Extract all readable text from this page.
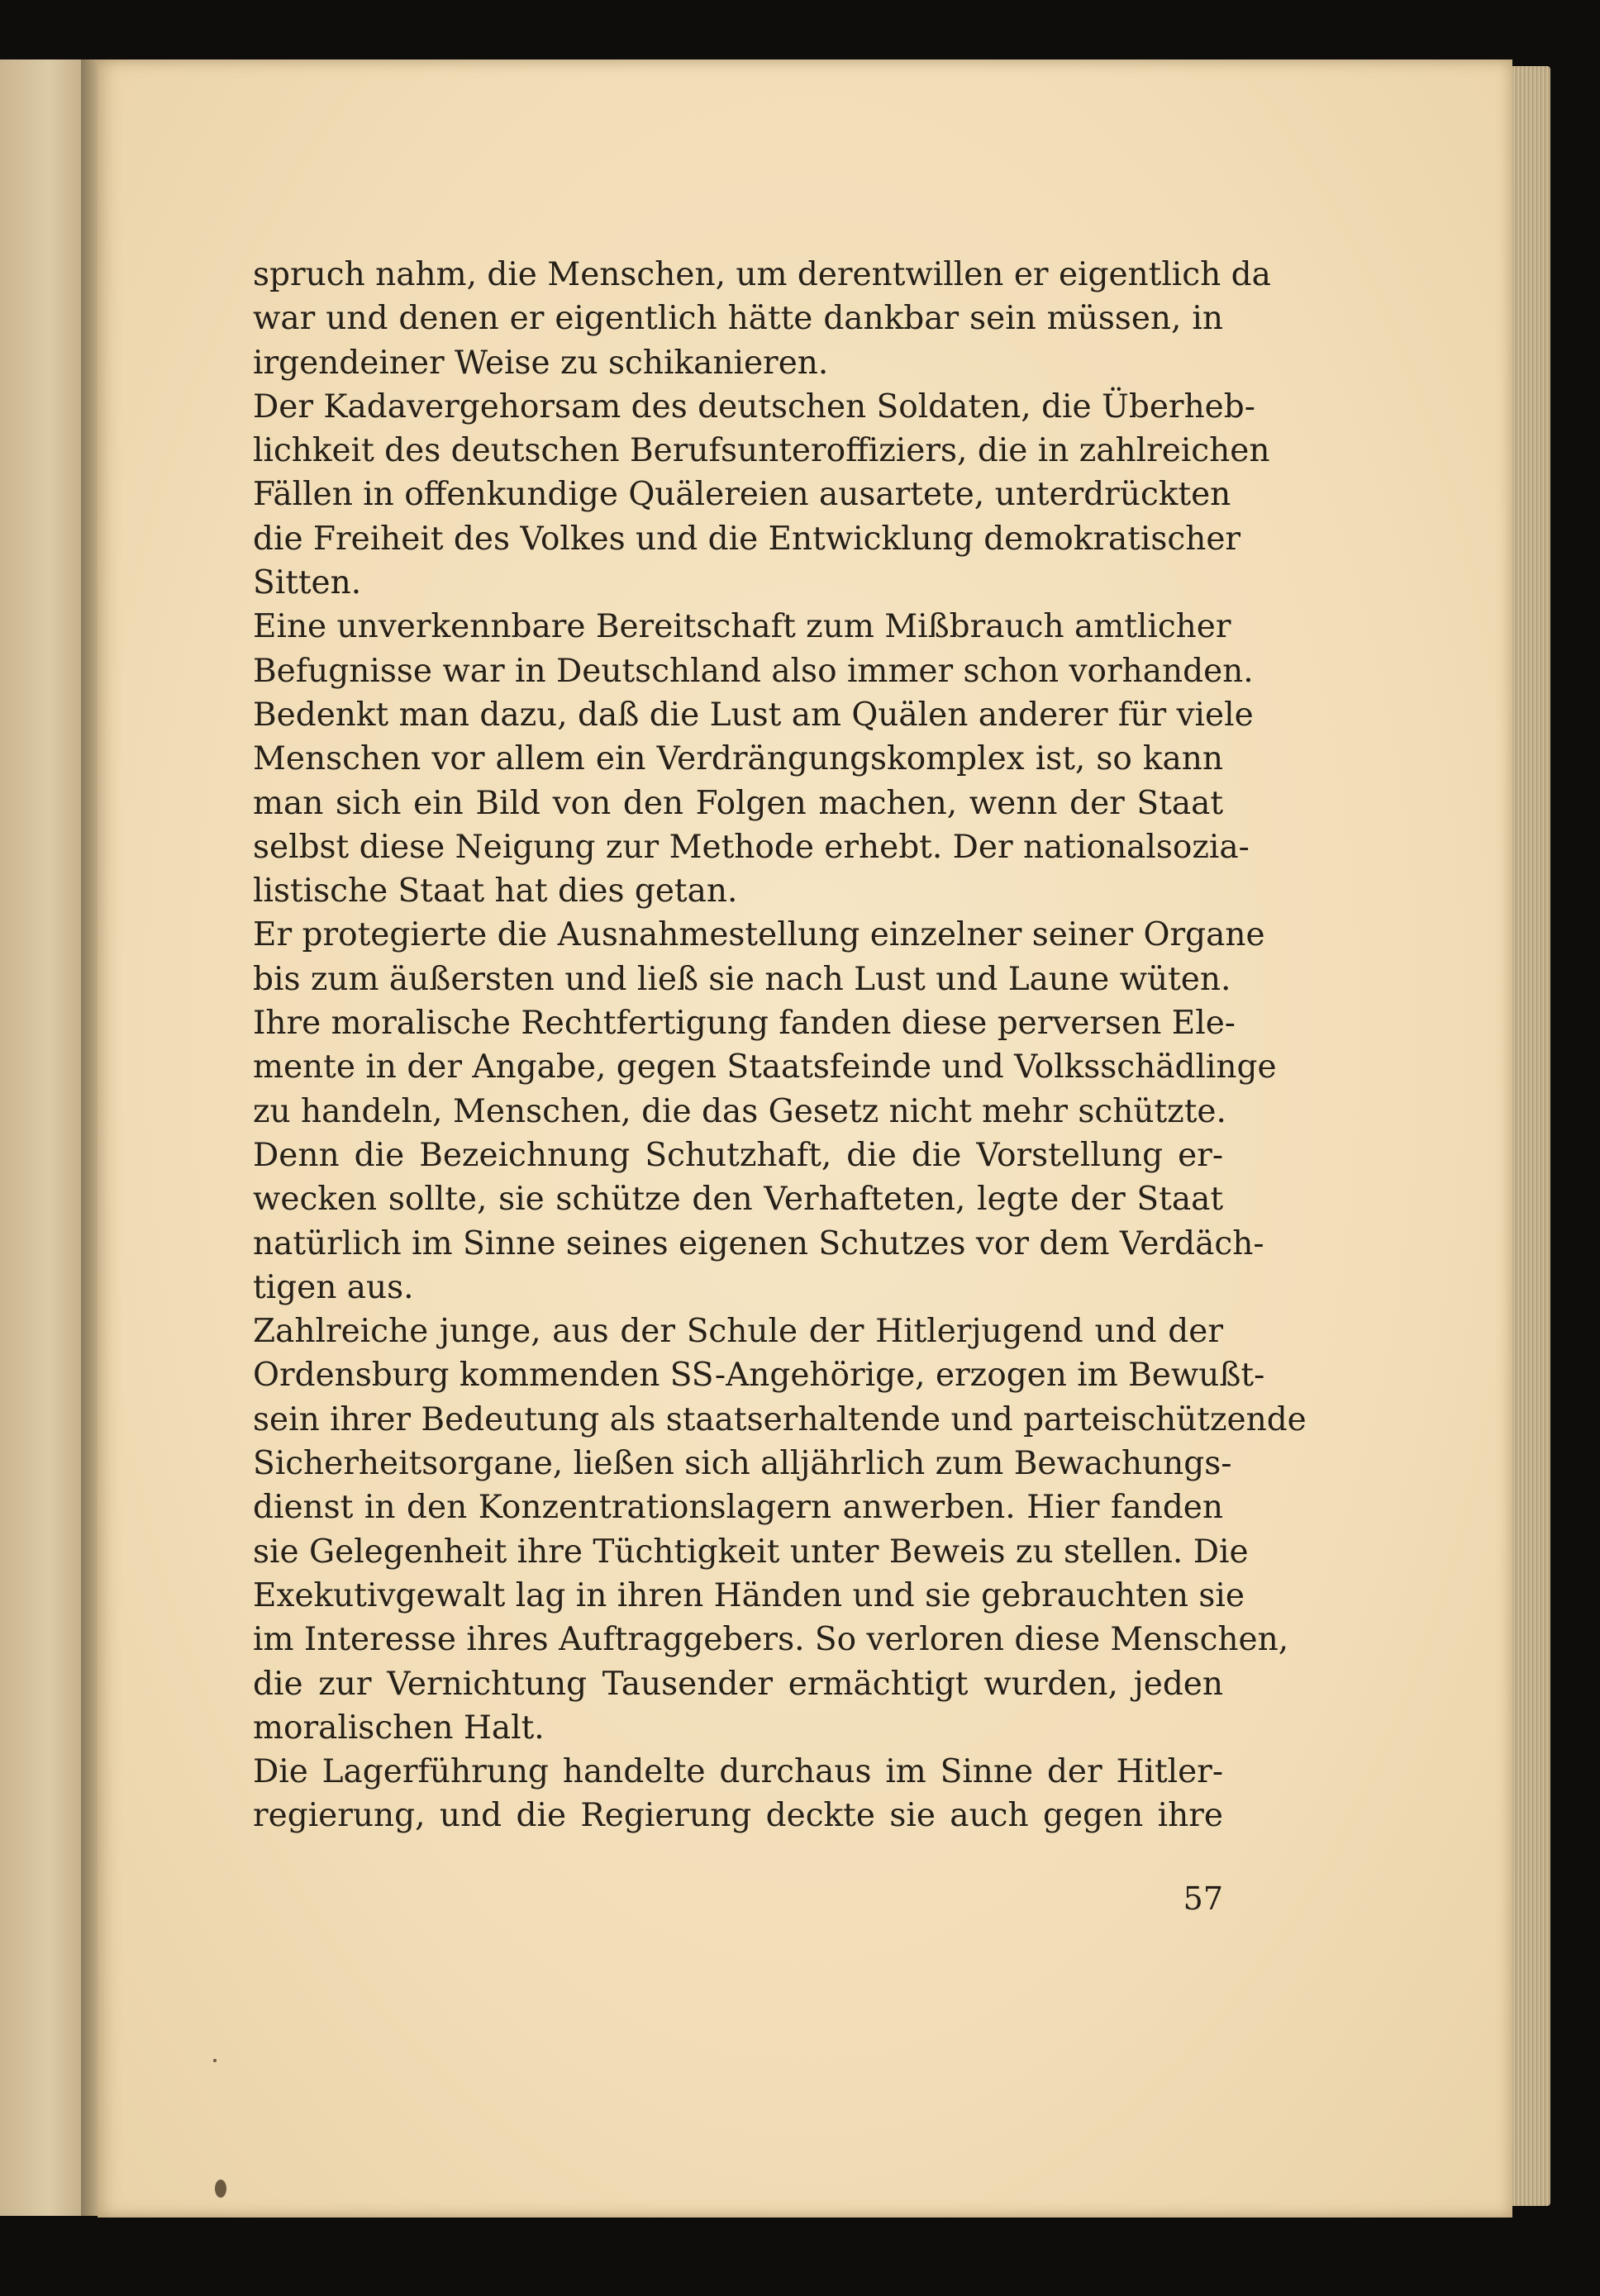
spruch nahm, die Menschen, um derentwillen er eigentlich da
war und denen er eigentlich hätte dankbar sein müssen, in
irgendeiner Weise zu schikanieren.
Der Kadavergehorsam des deutschen Soldaten, die Überheb-
lichkeit des deutschen Berufsunteroffiziers, die in zahlreichen
Fällen in offenkundige Quälereien ausartete, unterdrückten
die Freiheit des Volkes und die Entwicklung demokratischer
Sitten.
Eine unverkennbare Bereitschaft zum Mißbrauch amtlicher
Befugnisse war in Deutschland also immer schon vorhanden.
Bedenkt man dazu, daß die Lust am Quälen anderer für viele
Menschen vor allem ein Verdrängungskomplex ist, so kann
man sich ein Bild von den Folgen machen, wenn der Staat
selbst diese Neigung zur Methode erhebt. Der nationalsozia-
listische Staat hat dies getan.
Er protegierte die Ausnahmestellung einzelner seiner Organe
bis zum äußersten und ließ sie nach Lust und Laune wüten.
Ihre moralische Rechtfertigung fanden diese perversen Ele-
mente in der Angabe, gegen Staatsfeinde und Volksschädlinge
zu handeln, Menschen, die das Gesetz nicht mehr schützte.
Denn die Bezeichnung Schutzhaft, die die Vorstellung er-
wecken sollte, sie schütze den Verhafteten, legte der Staat
natürlich im Sinne seines eigenen Schutzes vor dem Verdäch-
tigen aus.
Zahlreiche junge, aus der Schule der Hitlerjugend und der
Ordensburg kommenden SS-Angehörige, erzogen im Bewußt-
sein ihrer Bedeutung als staatserhaltende und parteischützende
Sicherheitsorgane, ließen sich alljährlich zum Bewachungs-
dienst in den Konzentrationslagern anwerben. Hier fanden
sie Gelegenheit ihre Tüchtigkeit unter Beweis zu stellen. Die
Exekutivgewalt lag in ihren Händen und sie gebrauchten sie
im Interesse ihres Auftraggebers. So verloren diese Menschen,
die zur Vernichtung Tausender ermächtigt wurden, jeden
moralischen Halt.
Die Lagerführung handelte durchaus im Sinne der Hitler-
regierung, und die Regierung deckte sie auch gegen ihre
57
